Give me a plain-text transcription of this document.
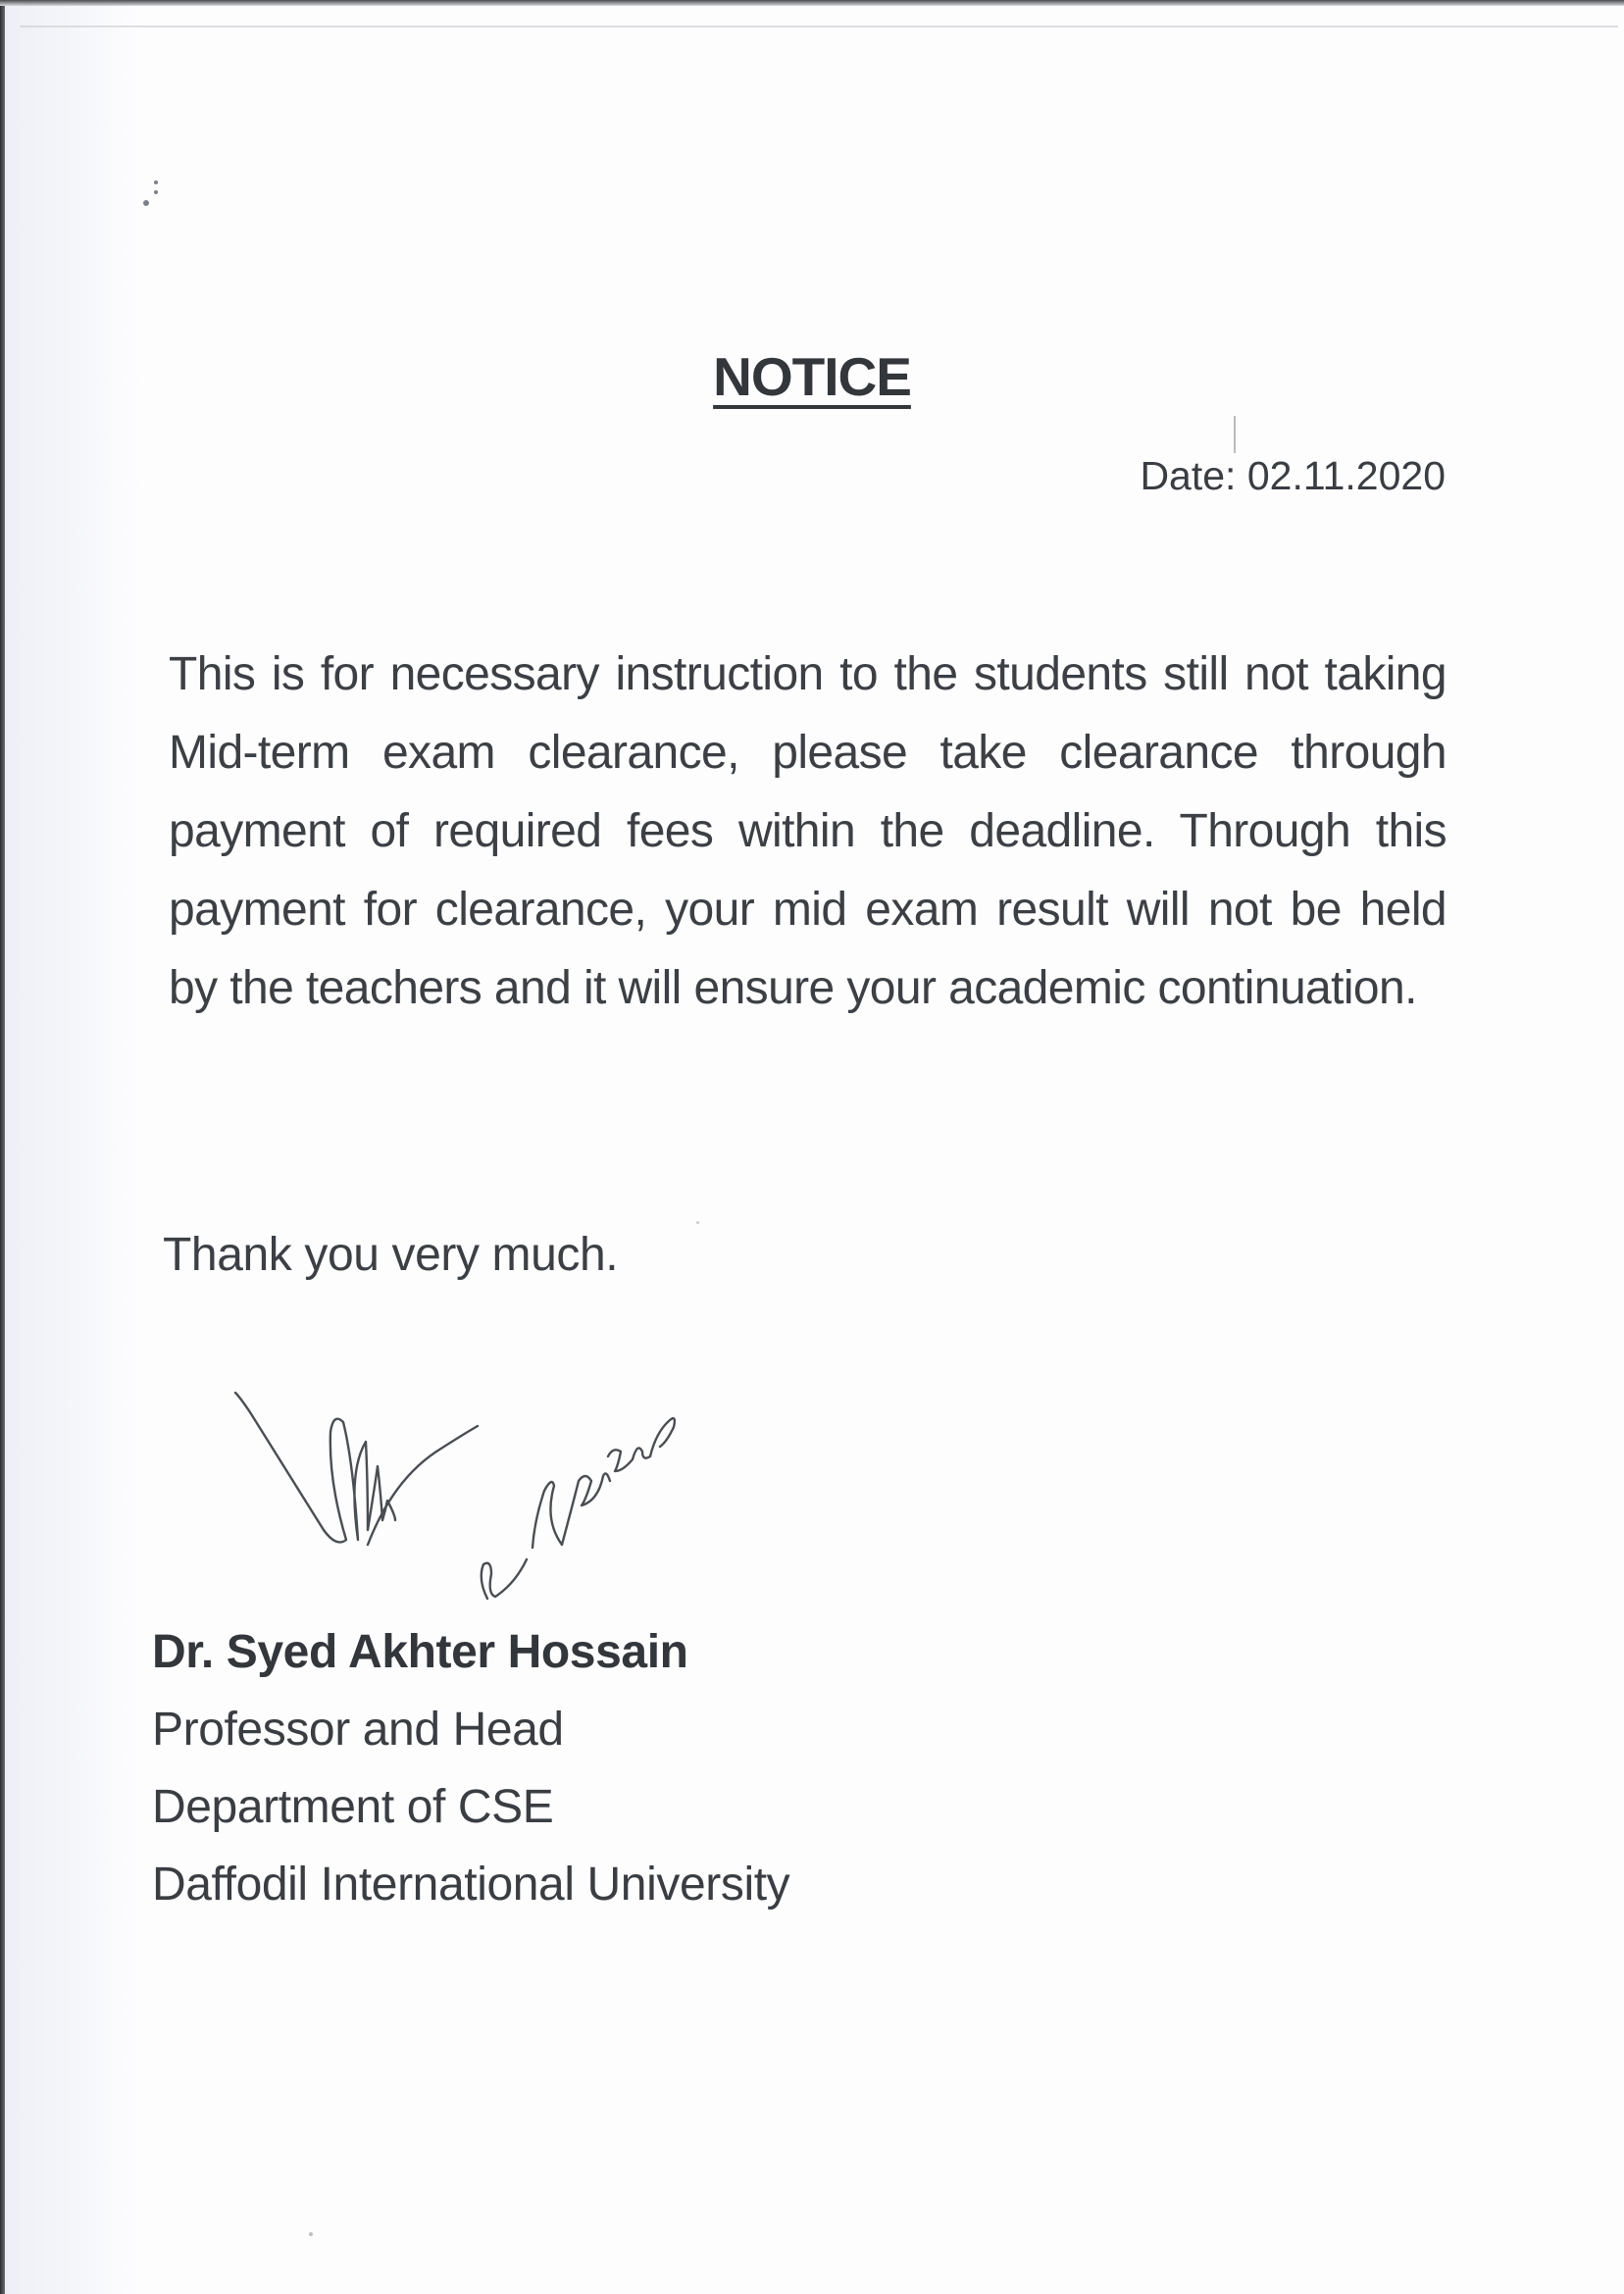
NOTICE
Date: 02.11.2020
This is for necessary instruction to the students still not taking Mid-term exam clearance, please take clearance through payment of required fees within the deadline. Through this payment for clearance, your mid exam result will not be held by the teachers and it will ensure your academic continuation.
Thank you very much.
Dr. Syed Akhter Hossain
Professor and Head
Department of CSE
Daffodil International University
